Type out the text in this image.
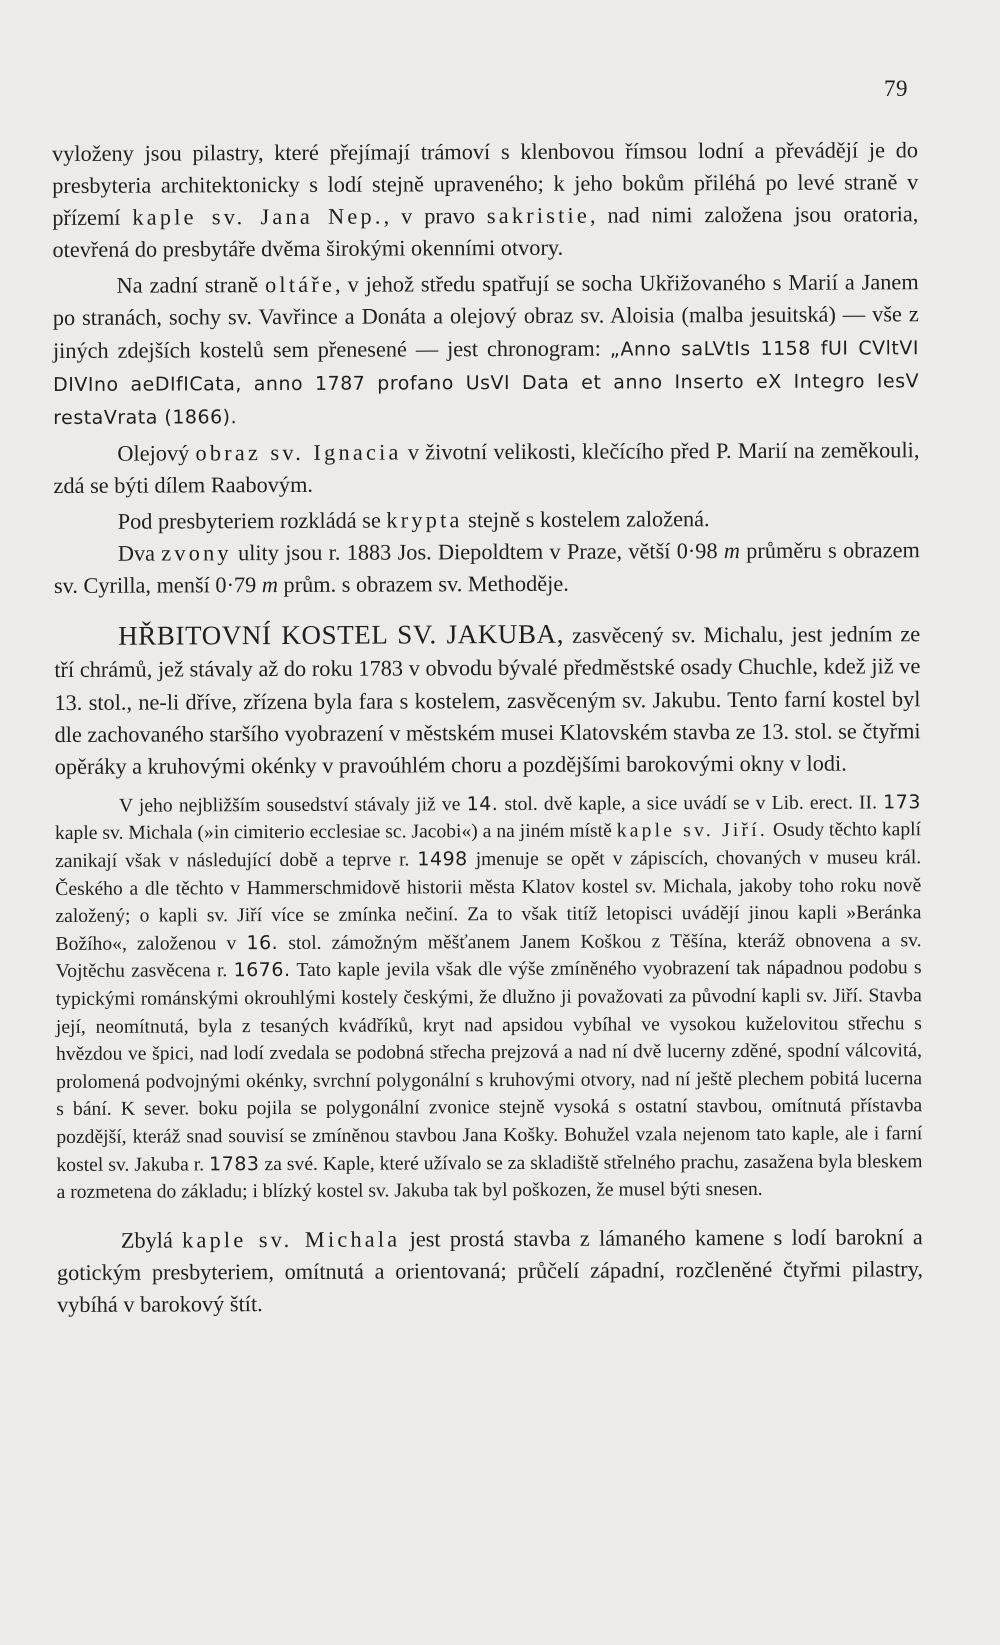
79

vyloženy jsou pilastry, které přejímají trámoví s klenbovou římsou lodní a převádějí je do presbyteria architektonicky s lodí stejně upraveného; k jeho bokům přiléhá po levé straně v přízemí kaple sv. Jana Nep., v pravo sakristie, nad nimi založena jsou oratoria, otevřená do presbytáře dvěma širokými okenními otvory.

Na zadní straně oltáře, v jehož středu spatřují se socha Ukřižovaného s Marií a Janem po stranách, sochy sv. Vavřince a Donáta a olejový obraz sv. Aloisia (malba jesuitská) — vše z jiných zdejších kostelů sem přenesené — jest chronogram: „Anno saLVtIs 1158 fUI CVltVI DIVIno aeDIfICata, anno 1787 profano UsVI Data et anno Inserto eX Integro IesV restaVrata (1866).

Olejový obraz sv. Ignacia v životní velikosti, klečícího před P. Marií na zeměkouli, zdá se býti dílem Raabovým.

Pod presbyteriem rozkládá se krypta stejně s kostelem založená.

Dva zvony ulity jsou r. 1883 Jos. Diepoldtem v Praze, větší 0·98 m průměru s obrazem sv. Cyrilla, menší 0·79 m prům. s obrazem sv. Methoděje.

HŘBITOVNÍ KOSTEL SV. JAKUBA, zasvěcený sv. Michalu, jest jedním ze tří chrámů, jež stávaly až do roku 1783 v obvodu bývalé předměstské osady Chuchle, kdež již ve 13. stol., ne-li dříve, zřízena byla fara s kostelem, zasvěceným sv. Jakubu. Tento farní kostel byl dle zachovaného staršího vyobrazení v městském musei Klatovském stavba ze 13. stol. se čtyřmi opěráky a kruhovými okénky v pravoúhlém choru a pozdějšími barokovými okny v lodi.

V jeho nejbližším sousedství stávaly již ve 14. stol. dvě kaple, a sice uvádí se v Lib. erect. II. 173 kaple sv. Michala (»in cimiterio ecclesiae sc. Jacobi«) a na jiném místě kaple sv. Jiří. Osudy těchto kaplí zanikají však v následující době a teprve r. 1498 jmenuje se opět v zápiscích, chovaných v museu král. Českého a dle těchto v Hammerschmidově historii města Klatov kostel sv. Michala, jakoby toho roku nově založený; o kapli sv. Jiří více se zmínka nečiní. Za to však titíž letopisci uvádějí jinou kapli »Beránka Božího«, založenou v 16. stol. zámožným měšťanem Janem Koškou z Těšína, kteráž obnovena a sv. Vojtěchu zasvěcena r. 1676. Tato kaple jevila však dle výše zmíněného vyobrazení tak nápadnou podobu s typickými románskými okrouhlými kostely českými, že dlužno ji považovati za původní kapli sv. Jiří. Stavba její, neomítnutá, byla z tesaných kvádříků, kryt nad apsidou vybíhal ve vysokou kuželovitou střechu s hvězdou ve špici, nad lodí zvedala se podobná střecha prejzová a nad ní dvě lucerny zděné, spodní válcovitá, prolomená podvojnými okénky, svrchní polygonální s kruhovými otvory, nad ní ještě plechem pobitá lucerna s bání. K sever. boku pojila se polygonální zvonice stejně vysoká s ostatní stavbou, omítnutá přístavba pozdější, kteráž snad souvisí se zmíněnou stavbou Jana Košky. Bohužel vzala nejenom tato kaple, ale i farní kostel sv. Jakuba r. 1783 za své. Kaple, které užívalo se za skladiště střelného prachu, zasažena byla bleskem a rozmetena do základu; i blízký kostel sv. Jakuba tak byl poškozen, že musel býti snesen.

Zbylá kaple sv. Michala jest prostá stavba z lámaného kamene s lodí barokní a gotickým presbyteriem, omítnutá a orientovaná; průčelí západní, rozčleněné čtyřmi pilastry, vybíhá v barokový štít.
